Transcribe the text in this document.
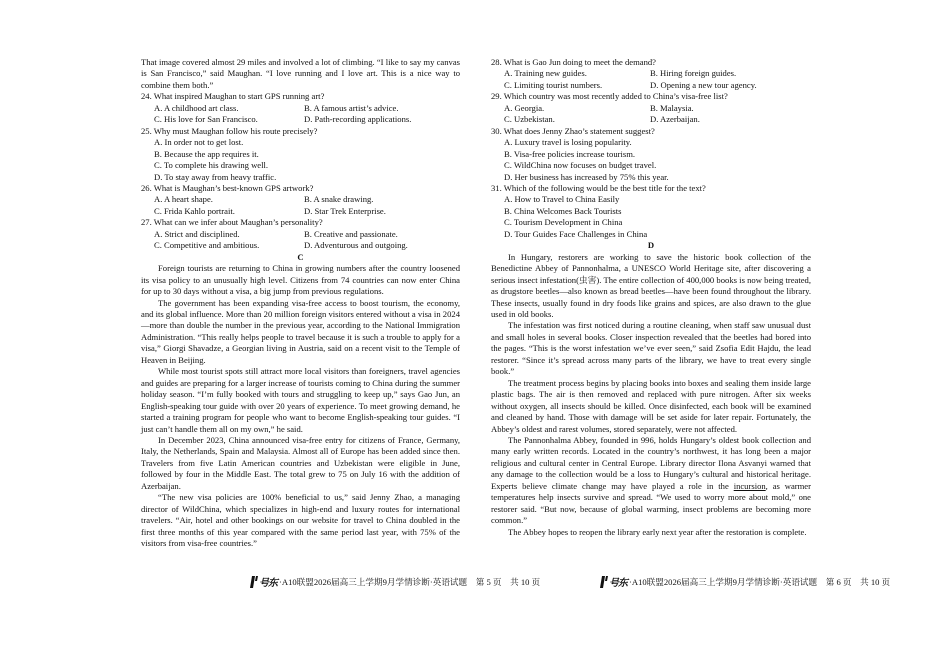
That image covered almost 29 miles and involved a lot of climbing. “I like to say my canvas is San Francisco,” said Maughan. “I love running and I love art. This is a nice way to combine them both.”

24. What inspired Maughan to start GPS running art?

A. A childhood art class.	B. A famous artist’s advice.
C. His love for San Francisco.	D. Path-recording applications.

25. Why must Maughan follow his route precisely?

A. In order not to get lost.
B. Because the app requires it.
C. To complete his drawing well.
D. To stay away from heavy traffic.

26. What is Maughan’s best-known GPS artwork?

A. A heart shape.	B. A snake drawing.
C. Frida Kahlo portrait.	D. Star Trek Enterprise.

27. What can we infer about Maughan’s personality?

A. Strict and disciplined.	B. Creative and passionate.
C. Competitive and ambitious.	D. Adventurous and outgoing.
C

Foreign tourists are returning to China in growing numbers after the country loosened its visa policy to an unusually high level. Citizens from 74 countries can now enter China for up to 30 days without a visa, a big jump from previous regulations.

The government has been expanding visa-free access to boost tourism, the economy, and its global influence. More than 20 million foreign visitors entered without a visa in 2024—more than double the number in the previous year, according to the National Immigration Administration. “This really helps people to travel because it is such a trouble to apply for a visa,” Giorgi Shavadze, a Georgian living in Austria, said on a recent visit to the Temple of Heaven in Beijing.

While most tourist spots still attract more local visitors than foreigners, travel agencies and guides are preparing for a larger increase of tourists coming to China during the summer holiday season. “I’m fully booked with tours and struggling to keep up,” says Gao Jun, an English-speaking tour guide with over 20 years of experience. To meet growing demand, he started a training program for people who want to become English-speaking tour guides. “I just can’t handle them all on my own,” he said.

In December 2023, China announced visa-free entry for citizens of France, Germany, Italy, the Netherlands, Spain and Malaysia. Almost all of Europe has been added since then. Travelers from five Latin American countries and Uzbekistan were eligible in June, followed by four in the Middle East. The total grew to 75 on July 16 with the addition of Azerbaijan.

“The new visa policies are 100% beneficial to us,” said Jenny Zhao, a managing director of WildChina, which specializes in high-end and luxury routes for international travelers. “Air, hotel and other bookings on our website for travel to China doubled in the first three months of this year compared with the same period last year, with 75% of the visitors from visa-free countries.”

28. What is Gao Jun doing to meet the demand?

A. Training new guides.	B. Hiring foreign guides.
C. Limiting tourist numbers.	D. Opening a new tour agency.

29. Which country was most recently added to China’s visa-free list?

A. Georgia.	B. Malaysia.
C. Uzbekistan.	D. Azerbaijan.

30. What does Jenny Zhao’s statement suggest?

A. Luxury travel is losing popularity.
B. Visa-free policies increase tourism.
C. WildChina now focuses on budget travel.
D. Her business has increased by 75% this year.

31. Which of the following would be the best title for the text?

A. How to Travel to China Easily
B. China Welcomes Back Tourists
C. Tourism Development in China
D. Tour Guides Face Challenges in China
D

In Hungary, restorers are working to save the historic book collection of the Benedictine Abbey of Pannonhalma, a UNESCO World Heritage site, after discovering a serious insect infestation(虫害). The entire collection of 400,000 books is now being treated, as drugstore beetles—also known as bread beetles—have been found throughout the library. These insects, usually found in dry foods like grains and spices, are also drawn to the glue used in old books.

The infestation was first noticed during a routine cleaning, when staff saw unusual dust and small holes in several books. Closer inspection revealed that the beetles had bored into the pages. “This is the worst infestation we’ve ever seen,” said Zsofia Edit Hajdu, the lead restorer. “Since it’s spread across many parts of the library, we have to treat every single book.”

The treatment process begins by placing books into boxes and sealing them inside large plastic bags. The air is then removed and replaced with pure nitrogen. After six weeks without oxygen, all insects should be killed. Once disinfected, each book will be examined and cleaned by hand. Those with damage will be set aside for later repair. Fortunately, the Abbey’s oldest and rarest volumes, stored separately, were not affected.

The Pannonhalma Abbey, founded in 996, holds Hungary’s oldest book collection and many early written records. Located in the country’s northwest, it has long been a major religious and cultural center in Central Europe. Library director Ilona Asvanyi warned that any damage to the collection would be a loss to Hungary’s cultural and historical heritage. Experts believe climate change may have played a role in the incursion, as warmer temperatures help insects survive and spread. “We used to worry more about mold,” one restorer said. “But now, because of global warming, insect problems are becoming more common.”

The Abbey hopes to reopen the library early next year after the restoration is complete.

号东 ·A10联盟2026届高三上学期9月学情诊断·英语试题　第 5 页　共 10 页	号东 ·A10联盟2026届高三上学期9月学情诊断·英语试题　第 6 页　共 10 页
